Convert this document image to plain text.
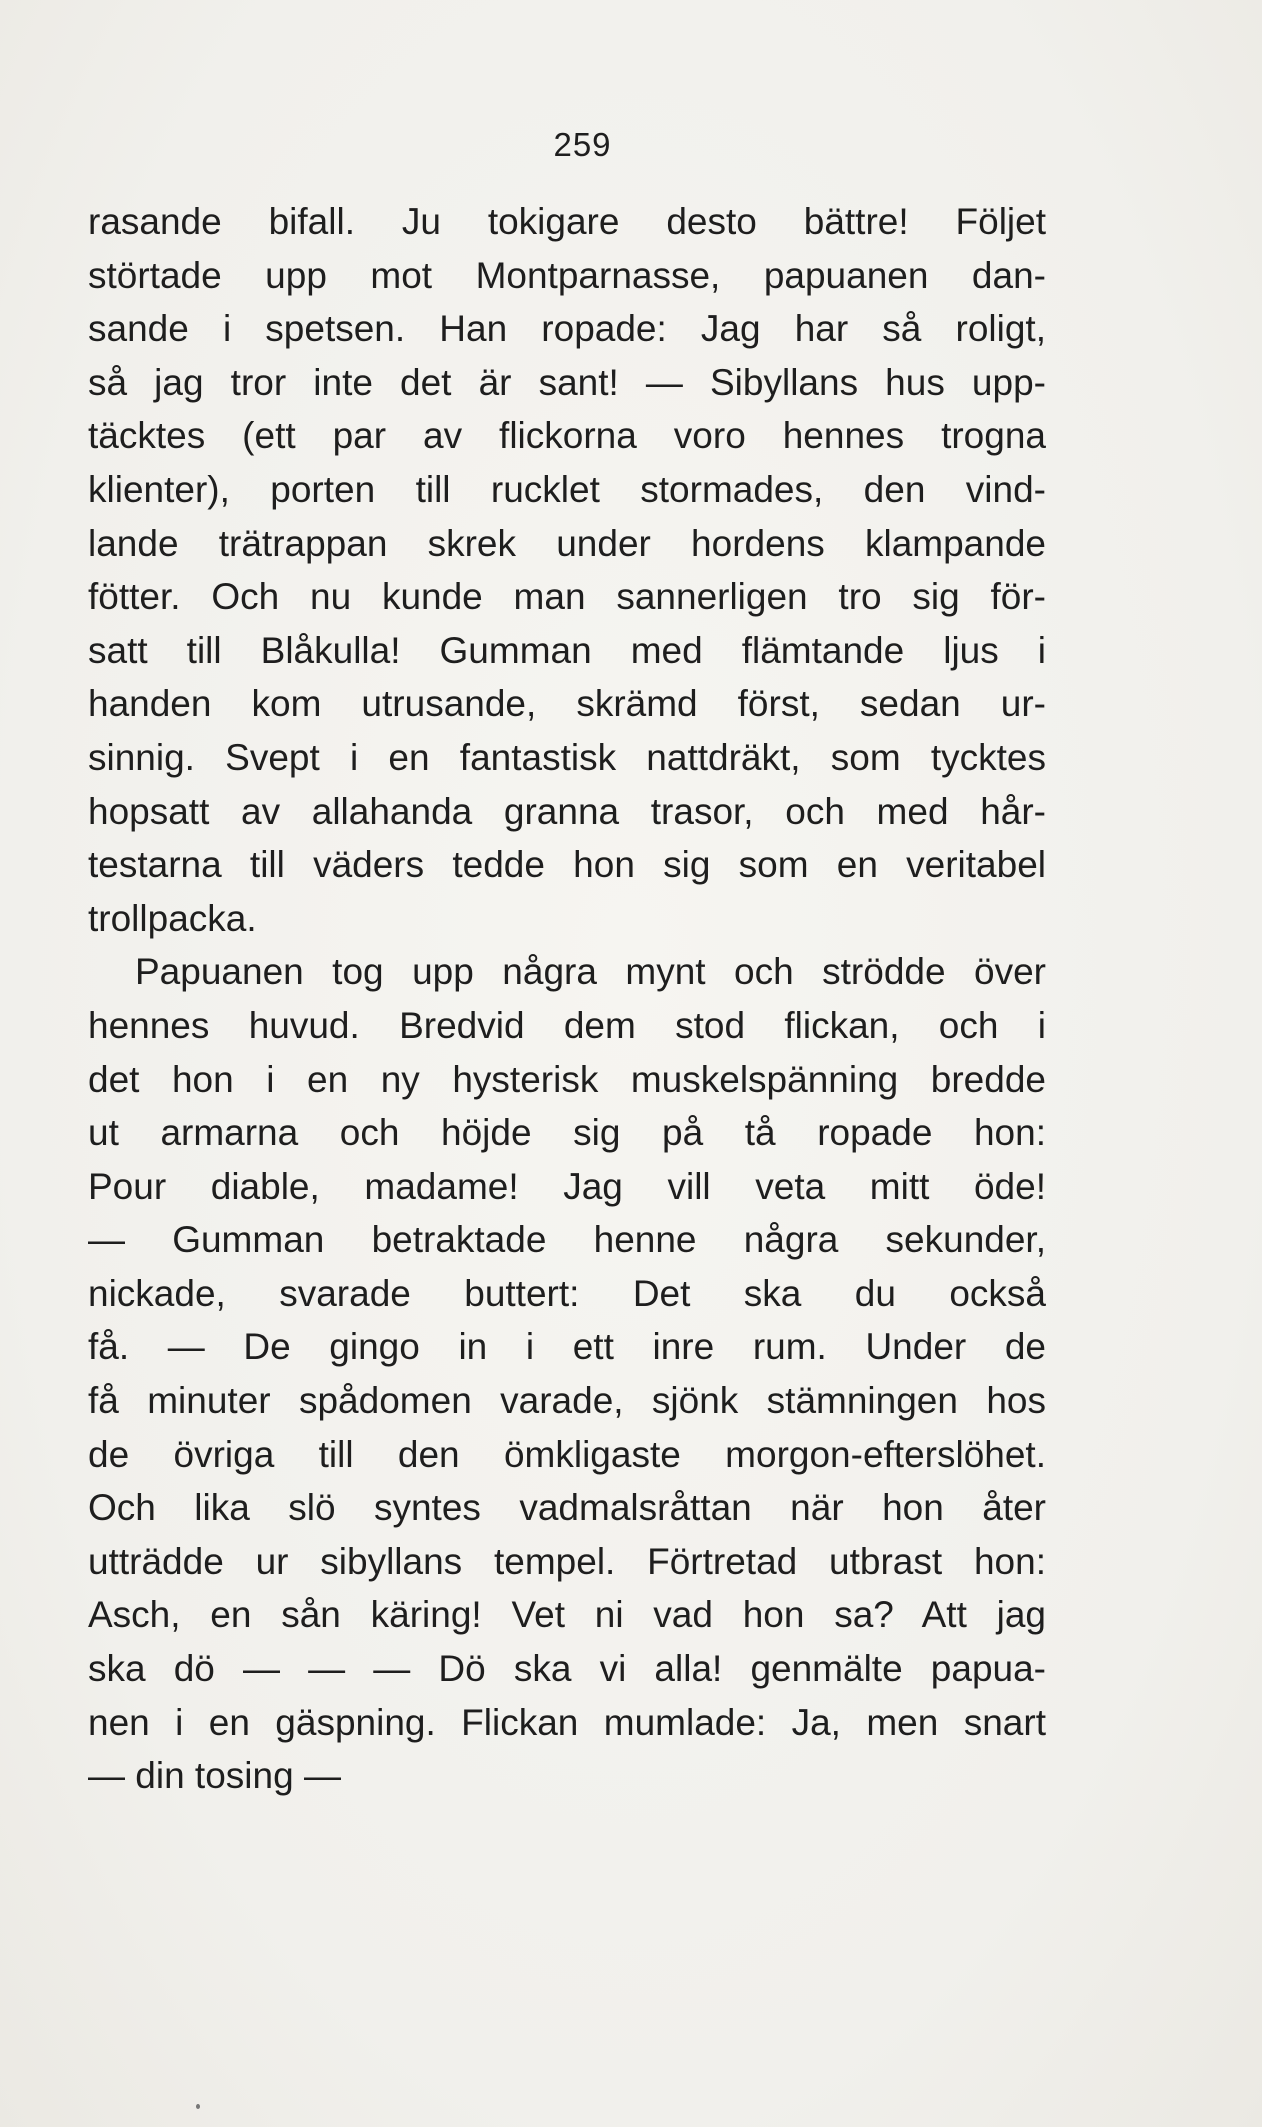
259
rasande bifall. Ju tokigare desto bättre! Följet
störtade upp mot Montparnasse, papuanen dan-
sande i spetsen. Han ropade: Jag har så roligt,
så jag tror inte det är sant! — Sibyllans hus upp-
täcktes (ett par av flickorna voro hennes trogna
klienter), porten till rucklet stormades, den vind-
lande trätrappan skrek under hordens klampande
fötter. Och nu kunde man sannerligen tro sig för-
satt till Blåkulla! Gumman med flämtande ljus i
handen kom utrusande, skrämd först, sedan ur-
sinnig. Svept i en fantastisk nattdräkt, som tycktes
hopsatt av allahanda granna trasor, och med hår-
testarna till väders tedde hon sig som en veritabel
trollpacka.
Papuanen tog upp några mynt och strödde över
hennes huvud. Bredvid dem stod flickan, och i
det hon i en ny hysterisk muskelspänning bredde
ut armarna och höjde sig på tå ropade hon:
Pour diable, madame! Jag vill veta mitt öde!
— Gumman betraktade henne några sekunder,
nickade, svarade buttert: Det ska du också
få. — De gingo in i ett inre rum. Under de
få minuter spådomen varade, sjönk stämningen hos
de övriga till den ömkligaste morgon-efterslöhet.
Och lika slö syntes vadmalsråttan när hon åter
utträdde ur sibyllans tempel. Förtretad utbrast hon:
Asch, en sån käring! Vet ni vad hon sa? Att jag
ska dö — — — Dö ska vi alla! genmälte papua-
nen i en gäspning. Flickan mumlade: Ja, men snart
— din tosing —
